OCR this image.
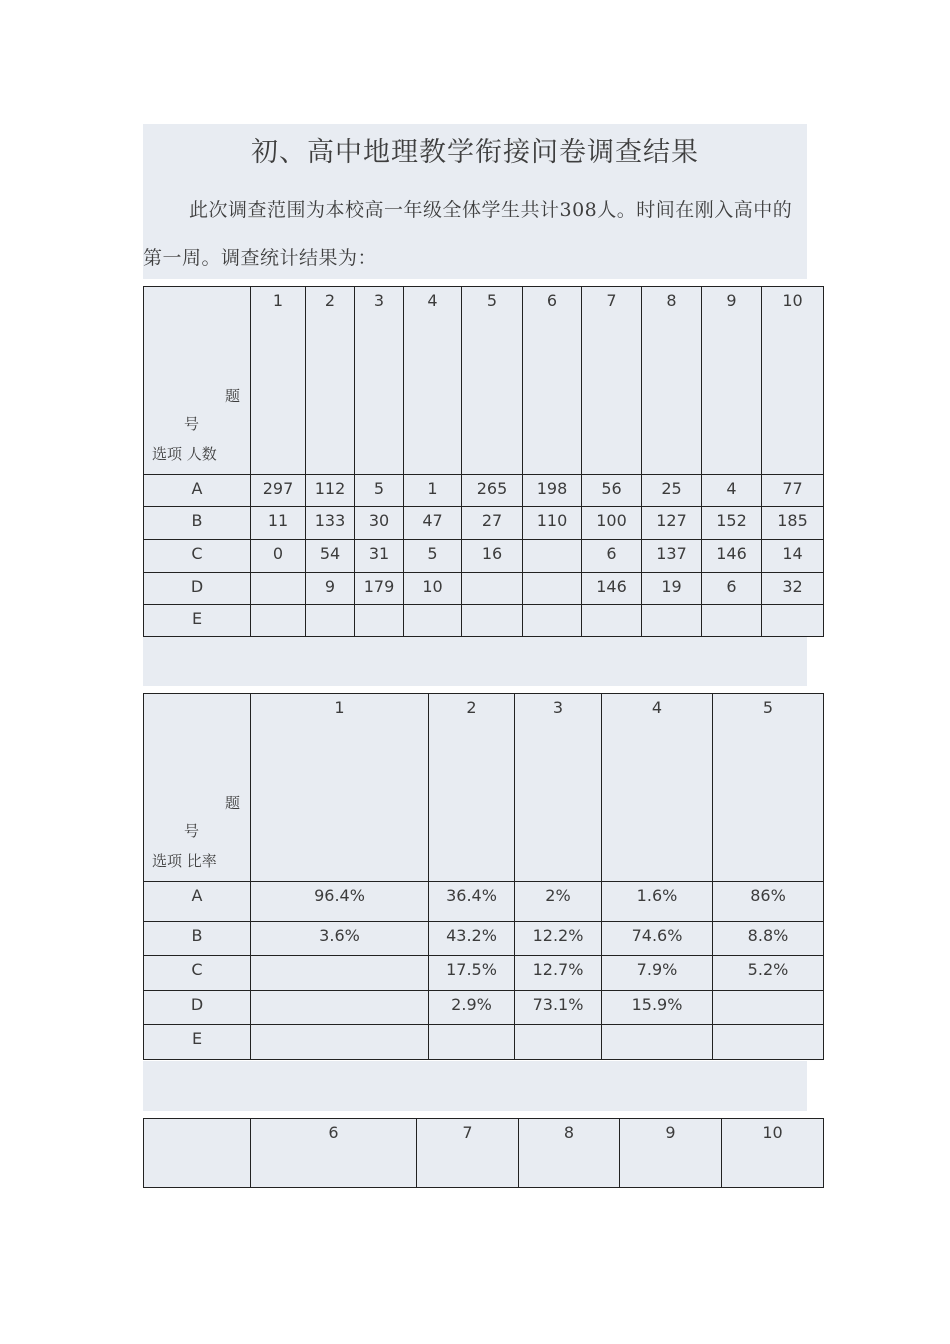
初、高中地理教学衔接问卷调查结果
此次调查范围为本校高一年级全体学生共计308人。时间在刚入高中的第一周。调查统计结果为：
题
号
选项 人数	1	2	3	4	5	6	7	8	9	10

A	297	112	5	1	265	198	56	25	4	77

B	11	133	30	47	27	110	100	127	152	185

C	0	54	31	5	16		6	137	146	14

D		9	179	10			146	19	6	32

E										

题
号
选项 比率	1	2	3	4	5

A	96.4%	36.4%	2%	1.6%	86%

B	3.6%	43.2%	12.2%	74.6%	8.8%

C		17.5%	12.7%	7.9%	5.2%

D		2.9%	73.1%	15.9%	

E					

6	7	8	9	10
